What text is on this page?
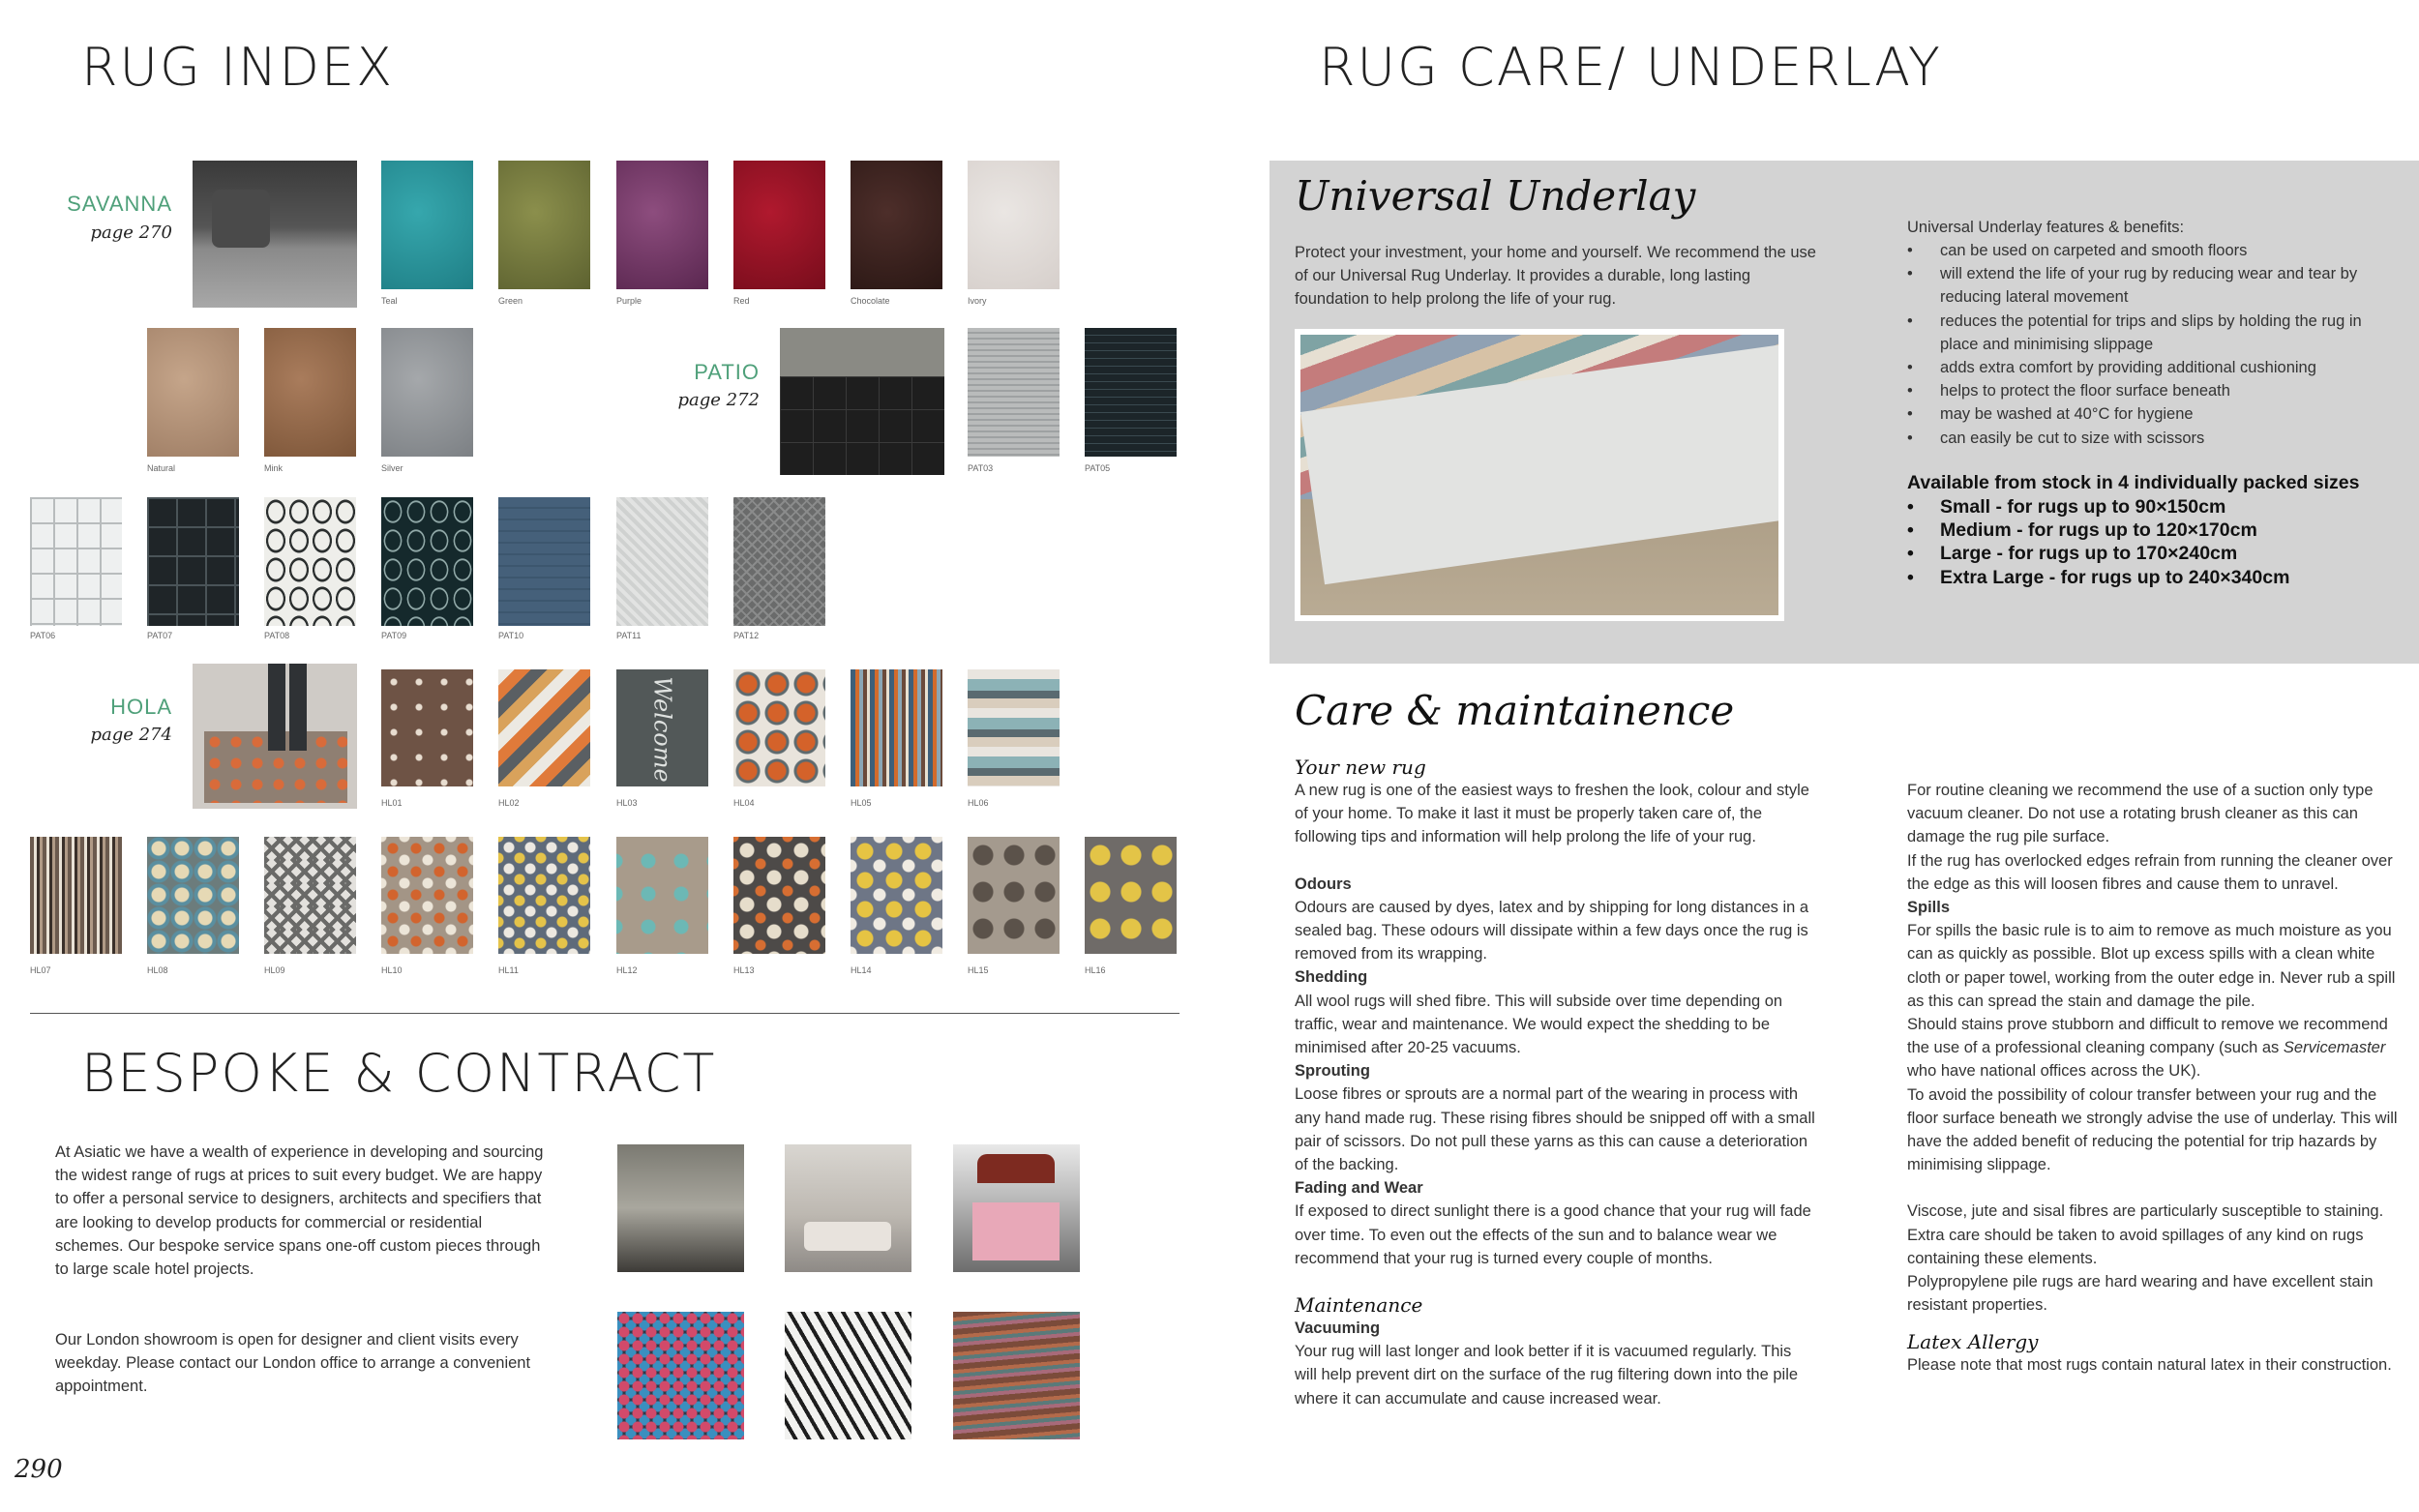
RUG INDEX
SAVANNA
page 270
Teal	Green	Purple	Red	Chocolate	Ivory
Natural	Mink	Silver
PATIO
page 272
PAT03	PAT05
PAT06	PAT07	PAT08	PAT09	PAT10	PAT11	PAT12
HOLA
page 274
HL01	HL02
Welcome
HL03	HL04	HL05	HL06
HL07	HL08	HL09	HL10	HL11	HL12	HL13	HL14	HL15	HL16
BESPOKE & CONTRACT

At Asiatic we have a wealth of experience in developing and sourcing the widest range of rugs at prices to suit every budget. We are happy to offer a personal service to designers, architects and specifiers that are looking to develop products for commercial or residential schemes. Our bespoke service spans one-off custom pieces through to large scale hotel projects.

Our London showroom is open for designer and client visits every weekday. Please contact our London office to arrange a convenient appointment.

290
RUG CARE/ UNDERLAY
Universal Underlay

Protect your investment, your home and yourself. We recommend the use of our Universal Rug Underlay. It provides a durable, long lasting foundation to help prolong the life of your rug.

Universal Underlay features & benefits:
• can be used on carpeted and smooth floors
• will extend the life of your rug by reducing wear and tear by reducing lateral movement
• reduces the potential for trips and slips by holding the rug in place and minimising slippage
• adds extra comfort by providing additional cushioning
• helps to protect the floor surface beneath
• may be washed at 40°C for hygiene
• can easily be cut to size with scissors
Available from stock in 4 individually packed sizes
• Small - for rugs up to 90×150cm
• Medium - for rugs up to 120×170cm
• Large - for rugs up to 170×240cm
• Extra Large - for rugs up to 240×340cm
Care & maintainence
Your new rug

A new rug is one of the easiest ways to freshen the look, colour and style of your home. To make it last it must be properly taken care of, the following tips and information will help prolong the life of your rug.

Odours

Odours are caused by dyes, latex and by shipping for long distances in a sealed bag. These odours will dissipate within a few days once the rug is removed from its wrapping.

Shedding

All wool rugs will shed fibre. This will subside over time depending on traffic, wear and maintenance. We would expect the shedding to be minimised after 20-25 vacuums.

Sprouting

Loose fibres or sprouts are a normal part of the wearing in process with any hand made rug. These rising fibres should be snipped off with a small pair of scissors. Do not pull these yarns as this can cause a deterioration of the backing.

Fading and Wear

If exposed to direct sunlight there is a good chance that your rug will fade over time. To even out the effects of the sun and to balance wear we recommend that your rug is turned every couple of months.

Maintenance
Vacuuming

Your rug will last longer and look better if it is vacuumed regularly. This will help prevent dirt on the surface of the rug filtering down into the pile where it can accumulate and cause increased wear.

For routine cleaning we recommend the use of a suction only type vacuum cleaner. Do not use a rotating brush cleaner as this can damage the rug pile surface.

If the rug has overlocked edges refrain from running the cleaner over the edge as this will loosen fibres and cause them to unravel.

Spills

For spills the basic rule is to aim to remove as much moisture as you can as quickly as possible. Blot up excess spills with a clean white cloth or paper towel, working from the outer edge in. Never rub a spill as this can spread the stain and damage the pile.

Should stains prove stubborn and difficult to remove we recommend the use of a professional cleaning company (such as Servicemaster who have national offices across the UK).

To avoid the possibility of colour transfer between your rug and the floor surface beneath we strongly advise the use of underlay. This will have the added benefit of reducing the potential for trip hazards by minimising slippage.

Viscose, jute and sisal fibres are particularly susceptible to staining. Extra care should be taken to avoid spillages of any kind on rugs containing these elements.

Polypropylene pile rugs are hard wearing and have excellent stain resistant properties.

Latex Allergy

Please note that most rugs contain natural latex in their construction.
